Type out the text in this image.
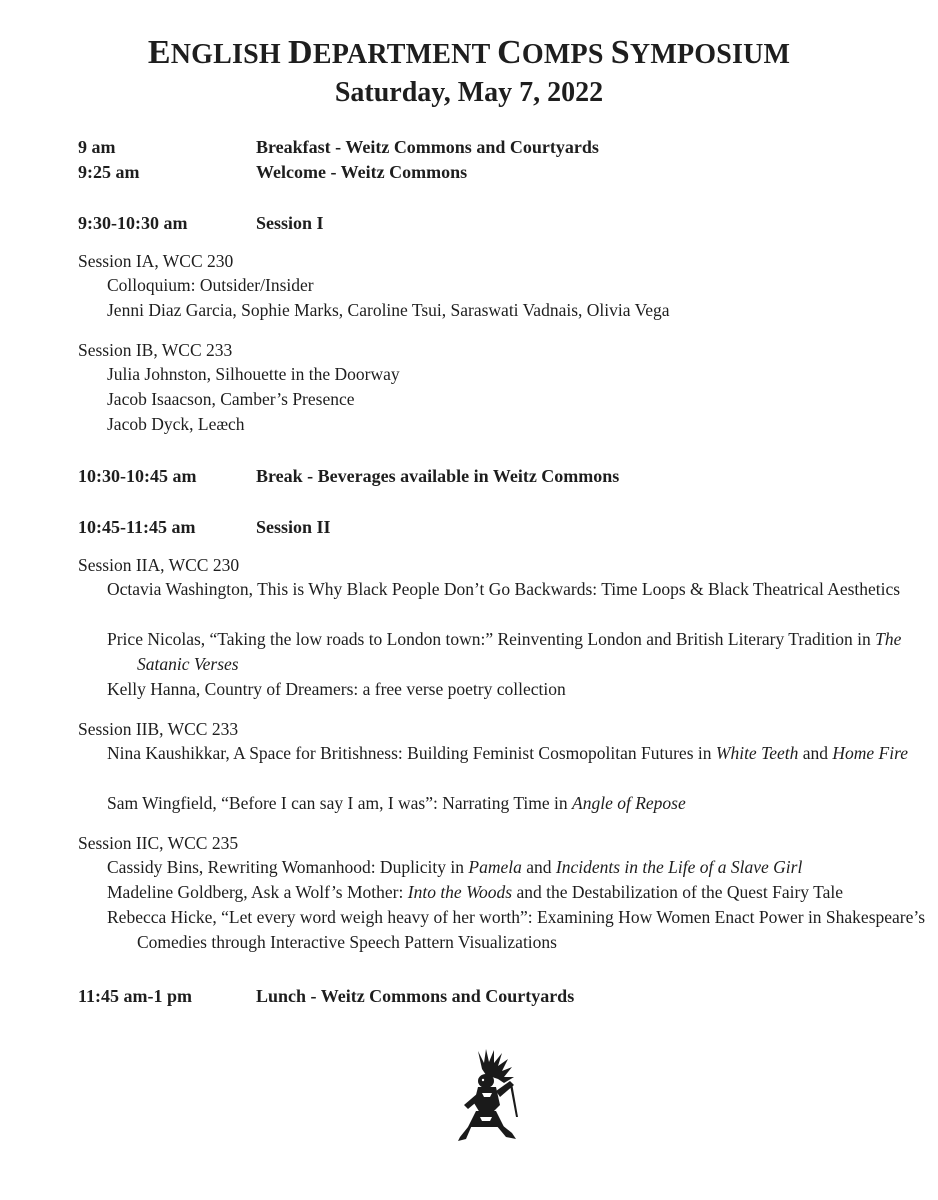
ENGLISH DEPARTMENT COMPS SYMPOSIUM
Saturday, May 7, 2022
9 am	Breakfast - Weitz Commons and Courtyards
9:25 am	Welcome - Weitz Commons
9:30-10:30 am	Session I
Session IA, WCC 230
Colloquium: Outsider/Insider
Jenni Diaz Garcia, Sophie Marks, Caroline Tsui, Saraswati Vadnais, Olivia Vega
Session IB, WCC 233
Julia Johnston, Silhouette in the Doorway
Jacob Isaacson, Camber’s Presence
Jacob Dyck, Leæch
10:30-10:45 am	Break - Beverages available in Weitz Commons
10:45-11:45 am	Session II
Session IIA, WCC 230
Octavia Washington, This is Why Black People Don’t Go Backwards: Time Loops & Black Theatrical Aesthetics
Price Nicolas, “Taking the low roads to London town:” Reinventing London and British Literary Tradition in The Satanic Verses
Kelly Hanna, Country of Dreamers: a free verse poetry collection
Session IIB, WCC 233
Nina Kaushikkar, A Space for Britishness: Building Feminist Cosmopolitan Futures in White Teeth and Home Fire
Sam Wingfield, “Before I can say I am, I was”: Narrating Time in Angle of Repose
Session IIC, WCC 235
Cassidy Bins, Rewriting Womanhood: Duplicity in Pamela and Incidents in the Life of a Slave Girl
Madeline Goldberg, Ask a Wolf’s Mother: Into the Woods and the Destabilization of the Quest Fairy Tale
Rebecca Hicke, “Let every word weigh heavy of her worth”: Examining How Women Enact Power in Shakespeare’s Comedies through Interactive Speech Pattern Visualizations
11:45 am-1 pm	Lunch - Weitz Commons and Courtyards
